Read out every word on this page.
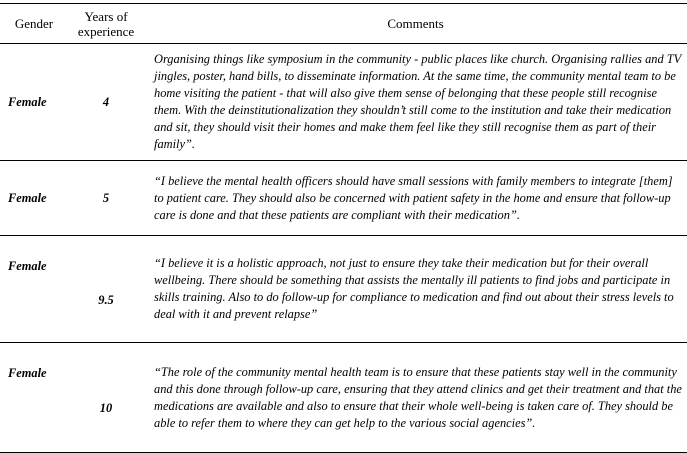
Gender	Years of experience	Comments
Female	4	Organising things like symposium in the community - public places like church. Organising rallies and TV jingles, poster, hand bills, to disseminate information. At the same time, the community mental team to be home visiting the patient - that will also give them sense of belonging that these people still recognise them. With the deinstitutionalization they shouldn’t still come to the institution and take their medication and sit, they should visit their homes and make them feel like they still recognise them as part of their family”.
Female	5	“I believe the mental health officers should have small sessions with family members to integrate [them] to patient care. They should also be concerned with patient safety in the home and ensure that follow-up care is done and that these patients are compliant with their medication”.
Female	9.5	“I believe it is a holistic approach, not just to ensure they take their medication but for their overall wellbeing. There should be something that assists the mentally ill patients to find jobs and participate in skills training. Also to do follow-up for compliance to medication and find out about their stress levels to deal with it and prevent relapse”
Female	10	“The role of the community mental health team is to ensure that these patients stay well in the community and this done through follow-up care, ensuring that they attend clinics and get their treatment and that the medications are available and also to ensure that their whole well-being is taken care of. They should be able to refer them to where they can get help to the various social agencies”.
